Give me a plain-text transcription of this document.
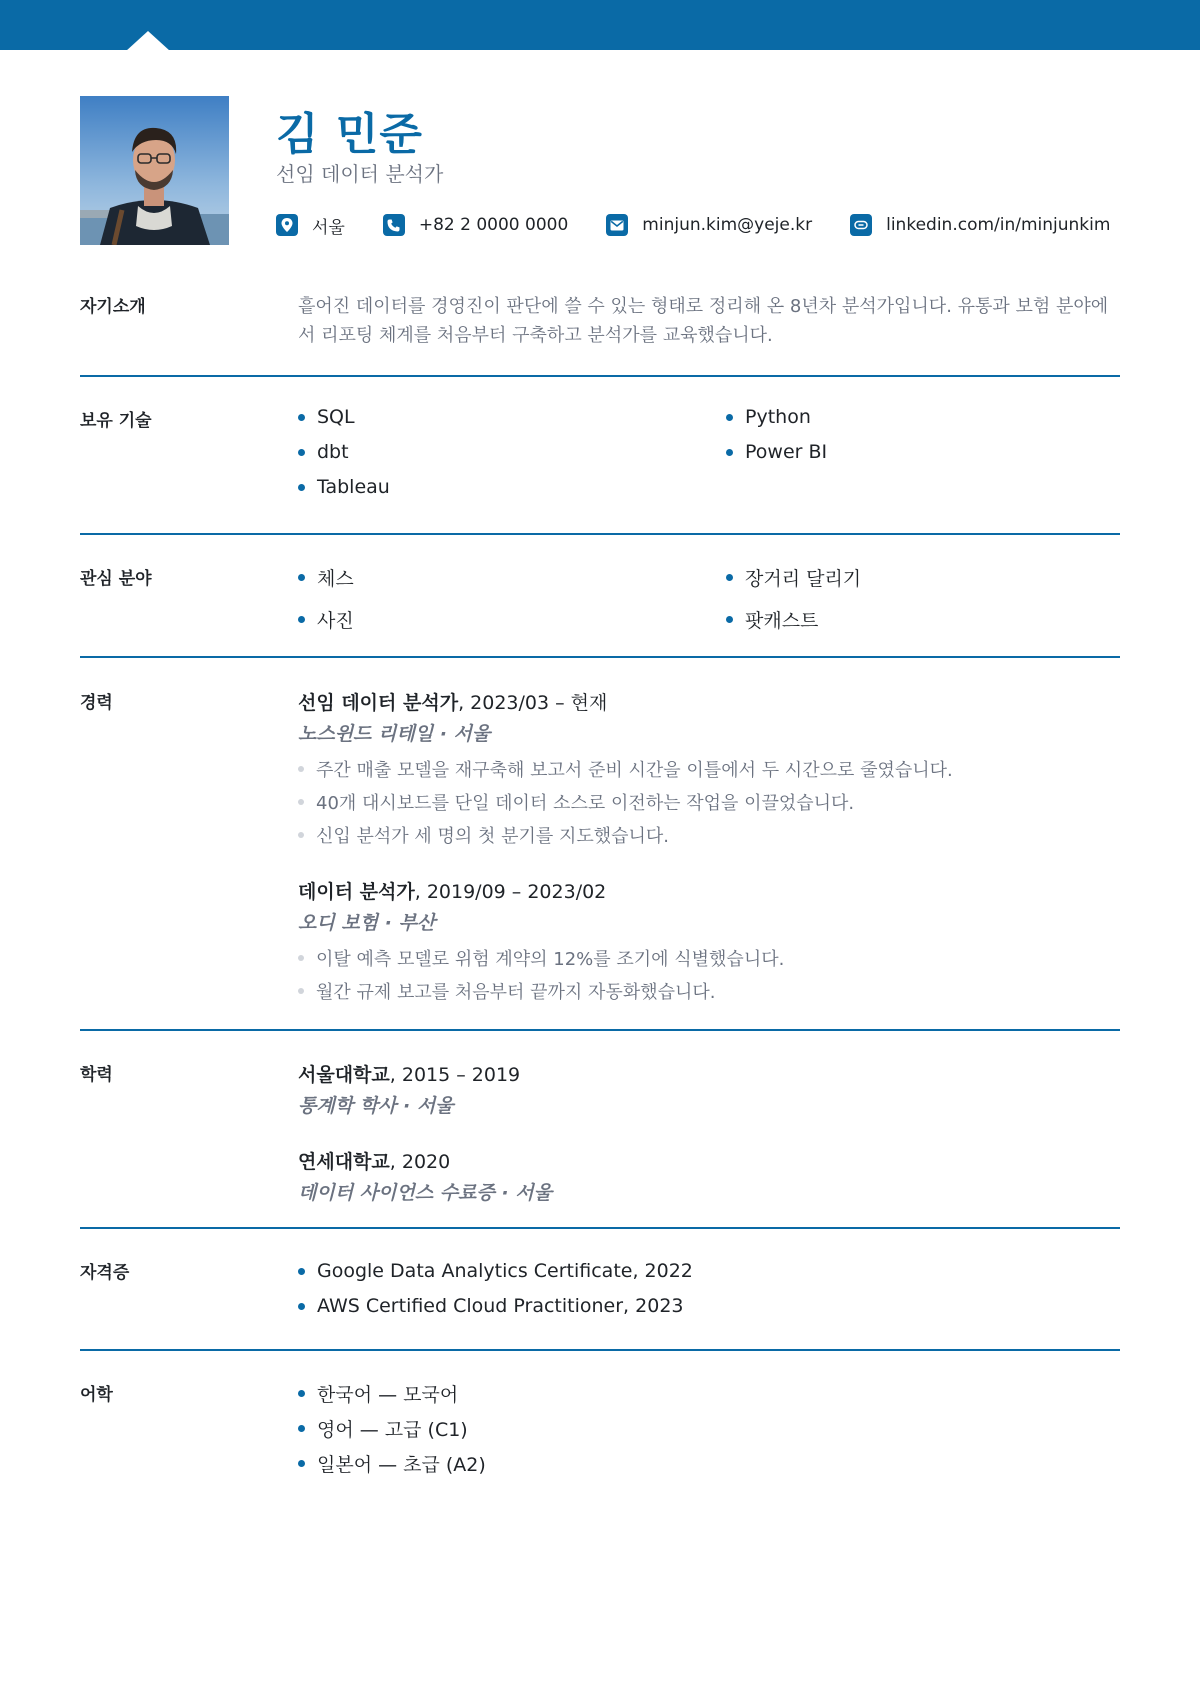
김 민준
선임 데이터 분석가
서울	+82 2 0000 0000	minjun.kim@yeje.kr	linkedin.com/in/minjunkim
자기소개	흩어진 데이터를 경영진이 판단에 쓸 수 있는 형태로 정리해 온 8년차 분석가입니다. 유통과 보험 분야에서 리포팅 체계를 처음부터 구축하고 분석가를 교육했습니다.

보유 기술	SQL	Python
dbt	Power BI
Tableau
관심 분야	체스	장거리 달리기
사진	팟캐스트
경력	선임 데이터 분석가, 2023/03 – 현재
노스윈드 리테일 · 서울
주간 매출 모델을 재구축해 보고서 준비 시간을 이틀에서 두 시간으로 줄였습니다.
40개 대시보드를 단일 데이터 소스로 이전하는 작업을 이끌었습니다.
신입 분석가 세 명의 첫 분기를 지도했습니다.
데이터 분석가, 2019/09 – 2023/02
오디 보험 · 부산
이탈 예측 모델로 위험 계약의 12%를 조기에 식별했습니다.
월간 규제 보고를 처음부터 끝까지 자동화했습니다.
학력	서울대학교, 2015 – 2019
통계학 학사 · 서울
연세대학교, 2020
데이터 사이언스 수료증 · 서울
자격증	Google Data Analytics Certificate, 2022
AWS Certified Cloud Practitioner, 2023
어학	한국어 — 모국어
영어 — 고급 (C1)
일본어 — 초급 (A2)
